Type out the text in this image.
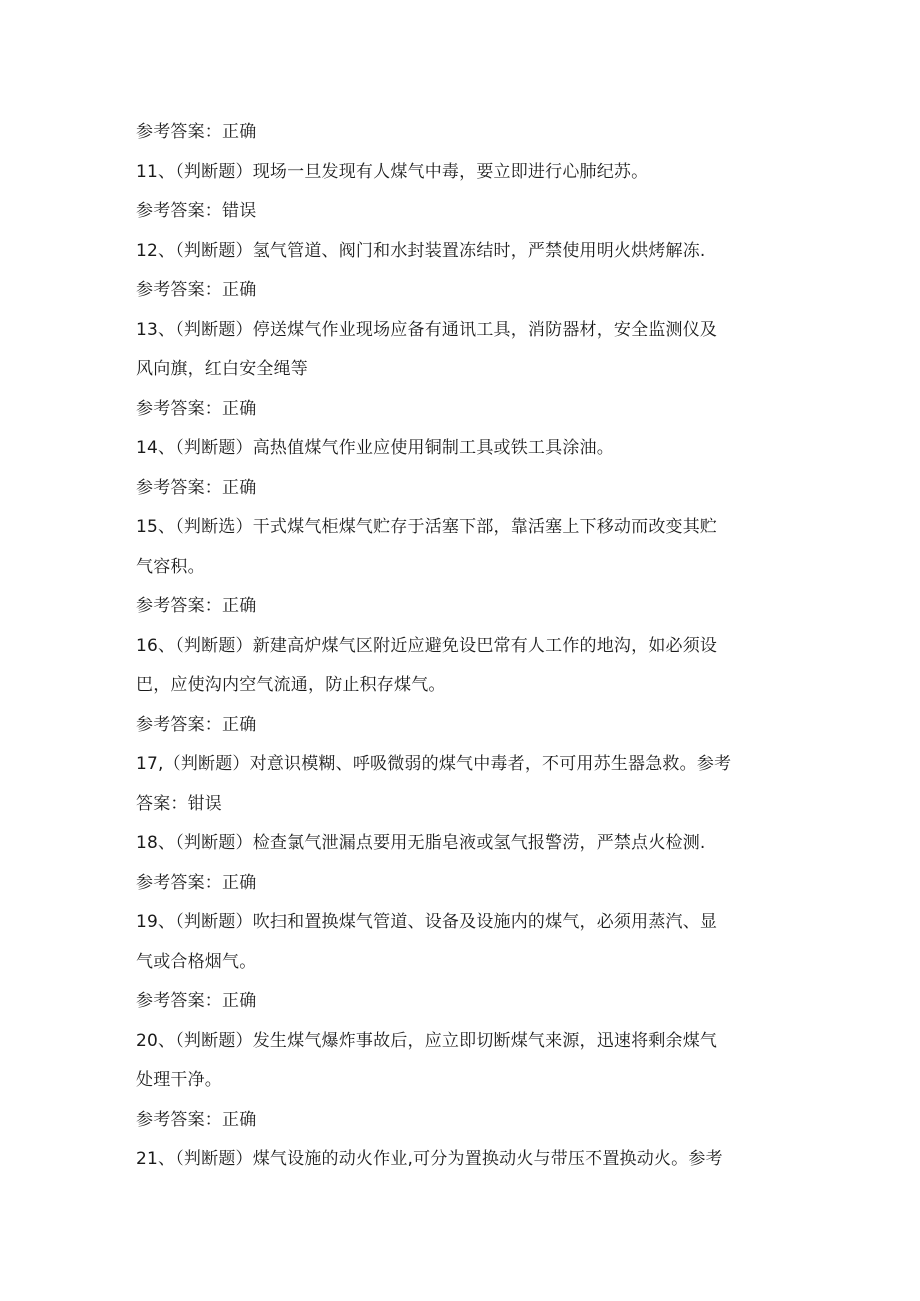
参考答案：正确
11、（判断题）现场一旦发现有人煤气中毒，要立即进行心肺纪苏。
参考答案：错误
12、（判断题）氢气管道、阀门和水封装置冻结时，严禁使用明火烘烤解冻.
参考答案：正确
13、（判断题）停送煤气作业现场应备有通讯工具，消防器材，安全监测仪及
风向旗，红白安全绳等
参考答案：正确
14、（判断题）高热值煤气作业应使用铜制工具或铁工具涂油。
参考答案：正确
15、（判断选）干式煤气柜煤气贮存于活塞下部，靠活塞上下移动而改变其贮
气容积。
参考答案：正确
16、（判断题）新建高炉煤气区附近应避免设巴常有人工作的地沟，如必须设
巴，应使沟内空气流通，防止积存煤气。
参考答案：正确
17,（判断题）对意识模糊、呼吸微弱的煤气中毒者，不可用苏生器急救。参考
答案：钳误
18、（判断题）检查氯气泄漏点要用无脂皂液或氢气报警涝，严禁点火检测.
参考答案：正确
19、（判断题）吹扫和置换煤气管道、设备及设施内的煤气，必须用蒸汽、显
气或合格烟气。
参考答案：正确
20、（判断题）发生煤气爆炸事故后，应立即切断煤气来源，迅速将剩余煤气
处理干净。
参考答案：正确
21、（判断题）煤气设施的动火作业,可分为置换动火与带压不置换动火。参考
